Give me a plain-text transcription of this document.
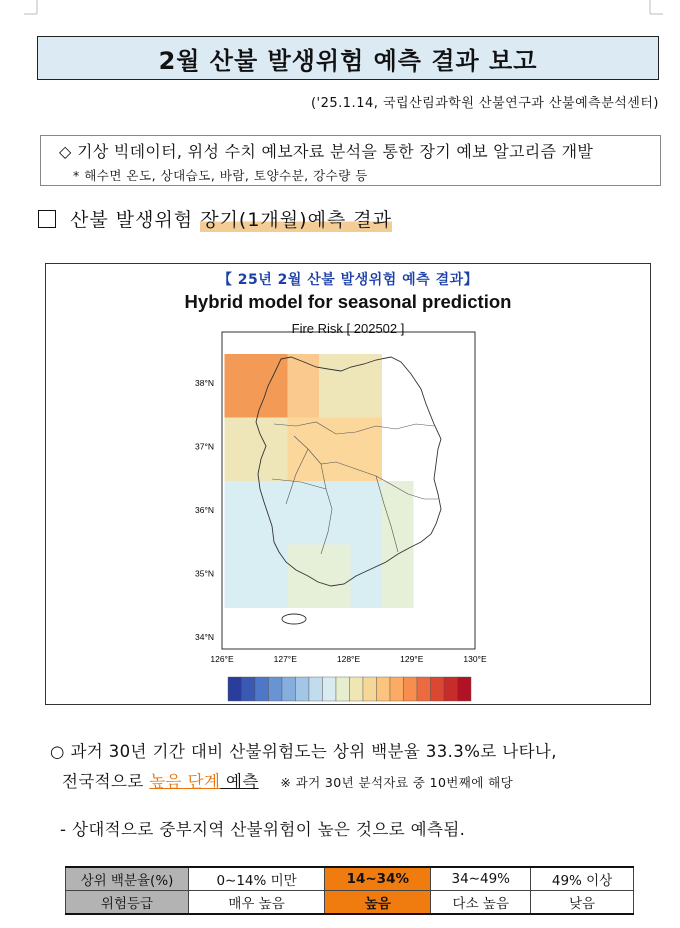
2월 산불 발생위험 예측 결과 보고
('25.1.14, 국립산림과학원 산불연구과 산불예측분석센터)
◇ 기상 빅데이터, 위성 수치 예보자료 분석을 통한 장기 예보 알고리즘 개발
* 해수면 온도, 상대습도, 바람, 토양수분, 강수량 등
산불 발생위험
장기(1개월) 예측 결과
【 25년 2월 산불 발생위험 예측 결과】
Hybrid model for seasonal prediction
Fire Risk [ 202502 ]
38°N
37°N
36°N
35°N
34°N
126°E	127°E	128°E	129°E	130°E
○ 과거 30년 기간 대비 산불위험도는 상위 백분율 33.3%로 나타나,
전국적으로 높음 단계 예측 ※ 과거 30년 분석자료 중 10번째에 해당
- 상대적으로 중부지역 산불위험이 높은 것으로 예측됨.
상위 백분율(%)	0∼14% 미만	14∼34%	34∼49%	49% 이상
위험등급	매우 높음	높음	다소 높음	낮음
